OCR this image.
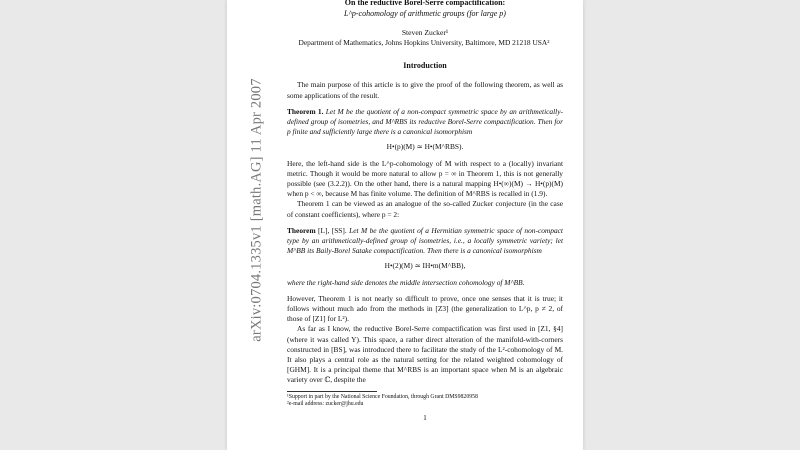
arXiv:0704.1335v1 [math.AG] 11 Apr 2007
On the reductive Borel-Serre compactification:
L^p-cohomology of arithmetic groups (for large p)
Steven Zucker¹
Department of Mathematics, Johns Hopkins University, Baltimore, MD 21218 USA²
Introduction

The main purpose of this article is to give the proof of the following theorem, as well as some applications of the result.

Theorem 1. Let M be the quotient of a non-compact symmetric space by an arithmetically-defined group of isometries, and M^RBS its reductive Borel-Serre compactification. Then for p finite and sufficiently large there is a canonical isomorphism

H•(p)(M) ≃ H•(M^RBS).

Here, the left-hand side is the L^p-cohomology of M with respect to a (locally) invariant metric. Though it would be more natural to allow p = ∞ in Theorem 1, this is not generally possible (see (3.2.2)). On the other hand, there is a natural mapping H•(∞)(M) → H•(p)(M) when p < ∞, because M has finite volume. The definition of M^RBS is recalled in (1.9).

Theorem 1 can be viewed as an analogue of the so-called Zucker conjecture (in the case of constant coefficients), where p = 2:

Theorem [L], [SS]. Let M be the quotient of a Hermitian symmetric space of non-compact type by an arithmetically-defined group of isometries, i.e., a locally symmetric variety; let M^BB its Baily-Borel Satake compactification. Then there is a canonical isomorphism

H•(2)(M) ≃ IH•m(M^BB),

where the right-hand side denotes the middle intersection cohomology of M^BB.

However, Theorem 1 is not nearly so difficult to prove, once one senses that it is true; it follows without much ado from the methods in [Z3] (the generalization to L^p, p ≠ 2, of those of [Z1] for L²).

As far as I know, the reductive Borel-Serre compactification was first used in [Z1, §4] (where it was called Y). This space, a rather direct alteration of the manifold-with-corners constructed in [BS], was introduced there to facilitate the study of the L²-cohomology of M. It also plays a central role as the natural setting for the related weighted cohomology of [GHM]. It is a principal theme that M^RBS is an important space when M is an algebraic variety over ℂ, despite the

¹Support in part by the National Science Foundation, through Grant DMS9820958
²e-mail address: zucker@jhu.edu
1
